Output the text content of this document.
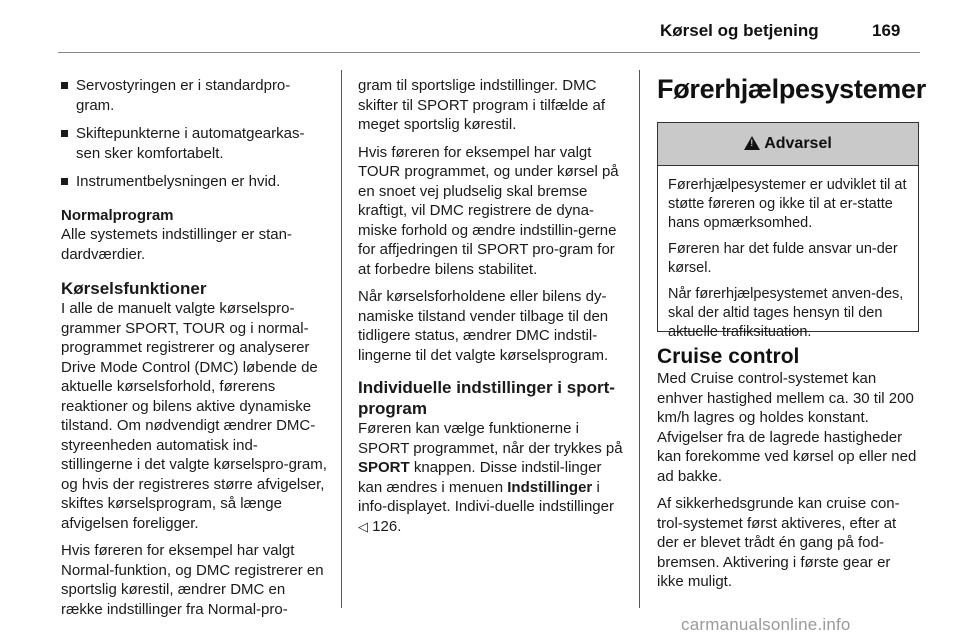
Kørsel og betjening	169
Servostyringen er i standardpro-gram.
Skiftepunkterne i automatgearkas-sen sker komfortabelt.
Instrumentbelysningen er hvid.

Normalprogram
Alle systemets indstillinger er stan-dardværdier.

Kørselsfunktioner

I alle de manuelt valgte kørselspro-grammer SPORT, TOUR og i normal-programmet registrerer og analyserer Drive Mode Control (DMC) løbende de aktuelle kørselsforhold, førerens reaktioner og bilens aktive dynamiske tilstand. Om nødvendigt ændrer DMC-styreenheden automatisk ind-stillingerne i det valgte kørselspro-gram, og hvis der registreres større afvigelser, skiftes kørselsprogram, så længe afvigelsen foreligger.

Hvis føreren for eksempel har valgt Normal-funktion, og DMC registrerer en sportslig kørestil, ændrer DMC en række indstillinger fra Normal-pro-

gram til sportslige indstillinger. DMC skifter til SPORT program i tilfælde af meget sportslig kørestil.

Hvis føreren for eksempel har valgt TOUR programmet, og under kørsel på en snoet vej pludselig skal bremse kraftigt, vil DMC registrere de dyna-miske forhold og ændre indstillin-gerne for affjedringen til SPORT pro-gram for at forbedre bilens stabilitet.

Når kørselsforholdene eller bilens dy-namiske tilstand vender tilbage til den tidligere status, ændrer DMC indstil-lingerne til det valgte kørselsprogram.

Individuelle indstillinger i sport-program

Føreren kan vælge funktionerne i SPORT programmet, når der trykkes på SPORT knappen. Disse indstil-linger kan ændres i menuen Indstillinger i info-displayet. Indivi-duelle indstillinger ◁ 126.

Førerhjælpesystemer
! Advarsel

Førerhjælpesystemer er udviklet til at støtte føreren og ikke til at er-statte hans opmærksomhed.

Føreren har det fulde ansvar un-der kørsel.

Når førerhjælpesystemet anven-des, skal der altid tages hensyn til den aktuelle trafiksituation.

Cruise control

Med Cruise control-systemet kan enhver hastighed mellem ca. 30 til 200 km/h lagres og holdes konstant. Afvigelser fra de lagrede hastigheder kan forekomme ved kørsel op eller ned ad bakke.

Af sikkerhedsgrunde kan cruise con-trol-systemet først aktiveres, efter at der er blevet trådt én gang på fod-bremsen. Aktivering i første gear er ikke muligt.

carmanualsonline.info
